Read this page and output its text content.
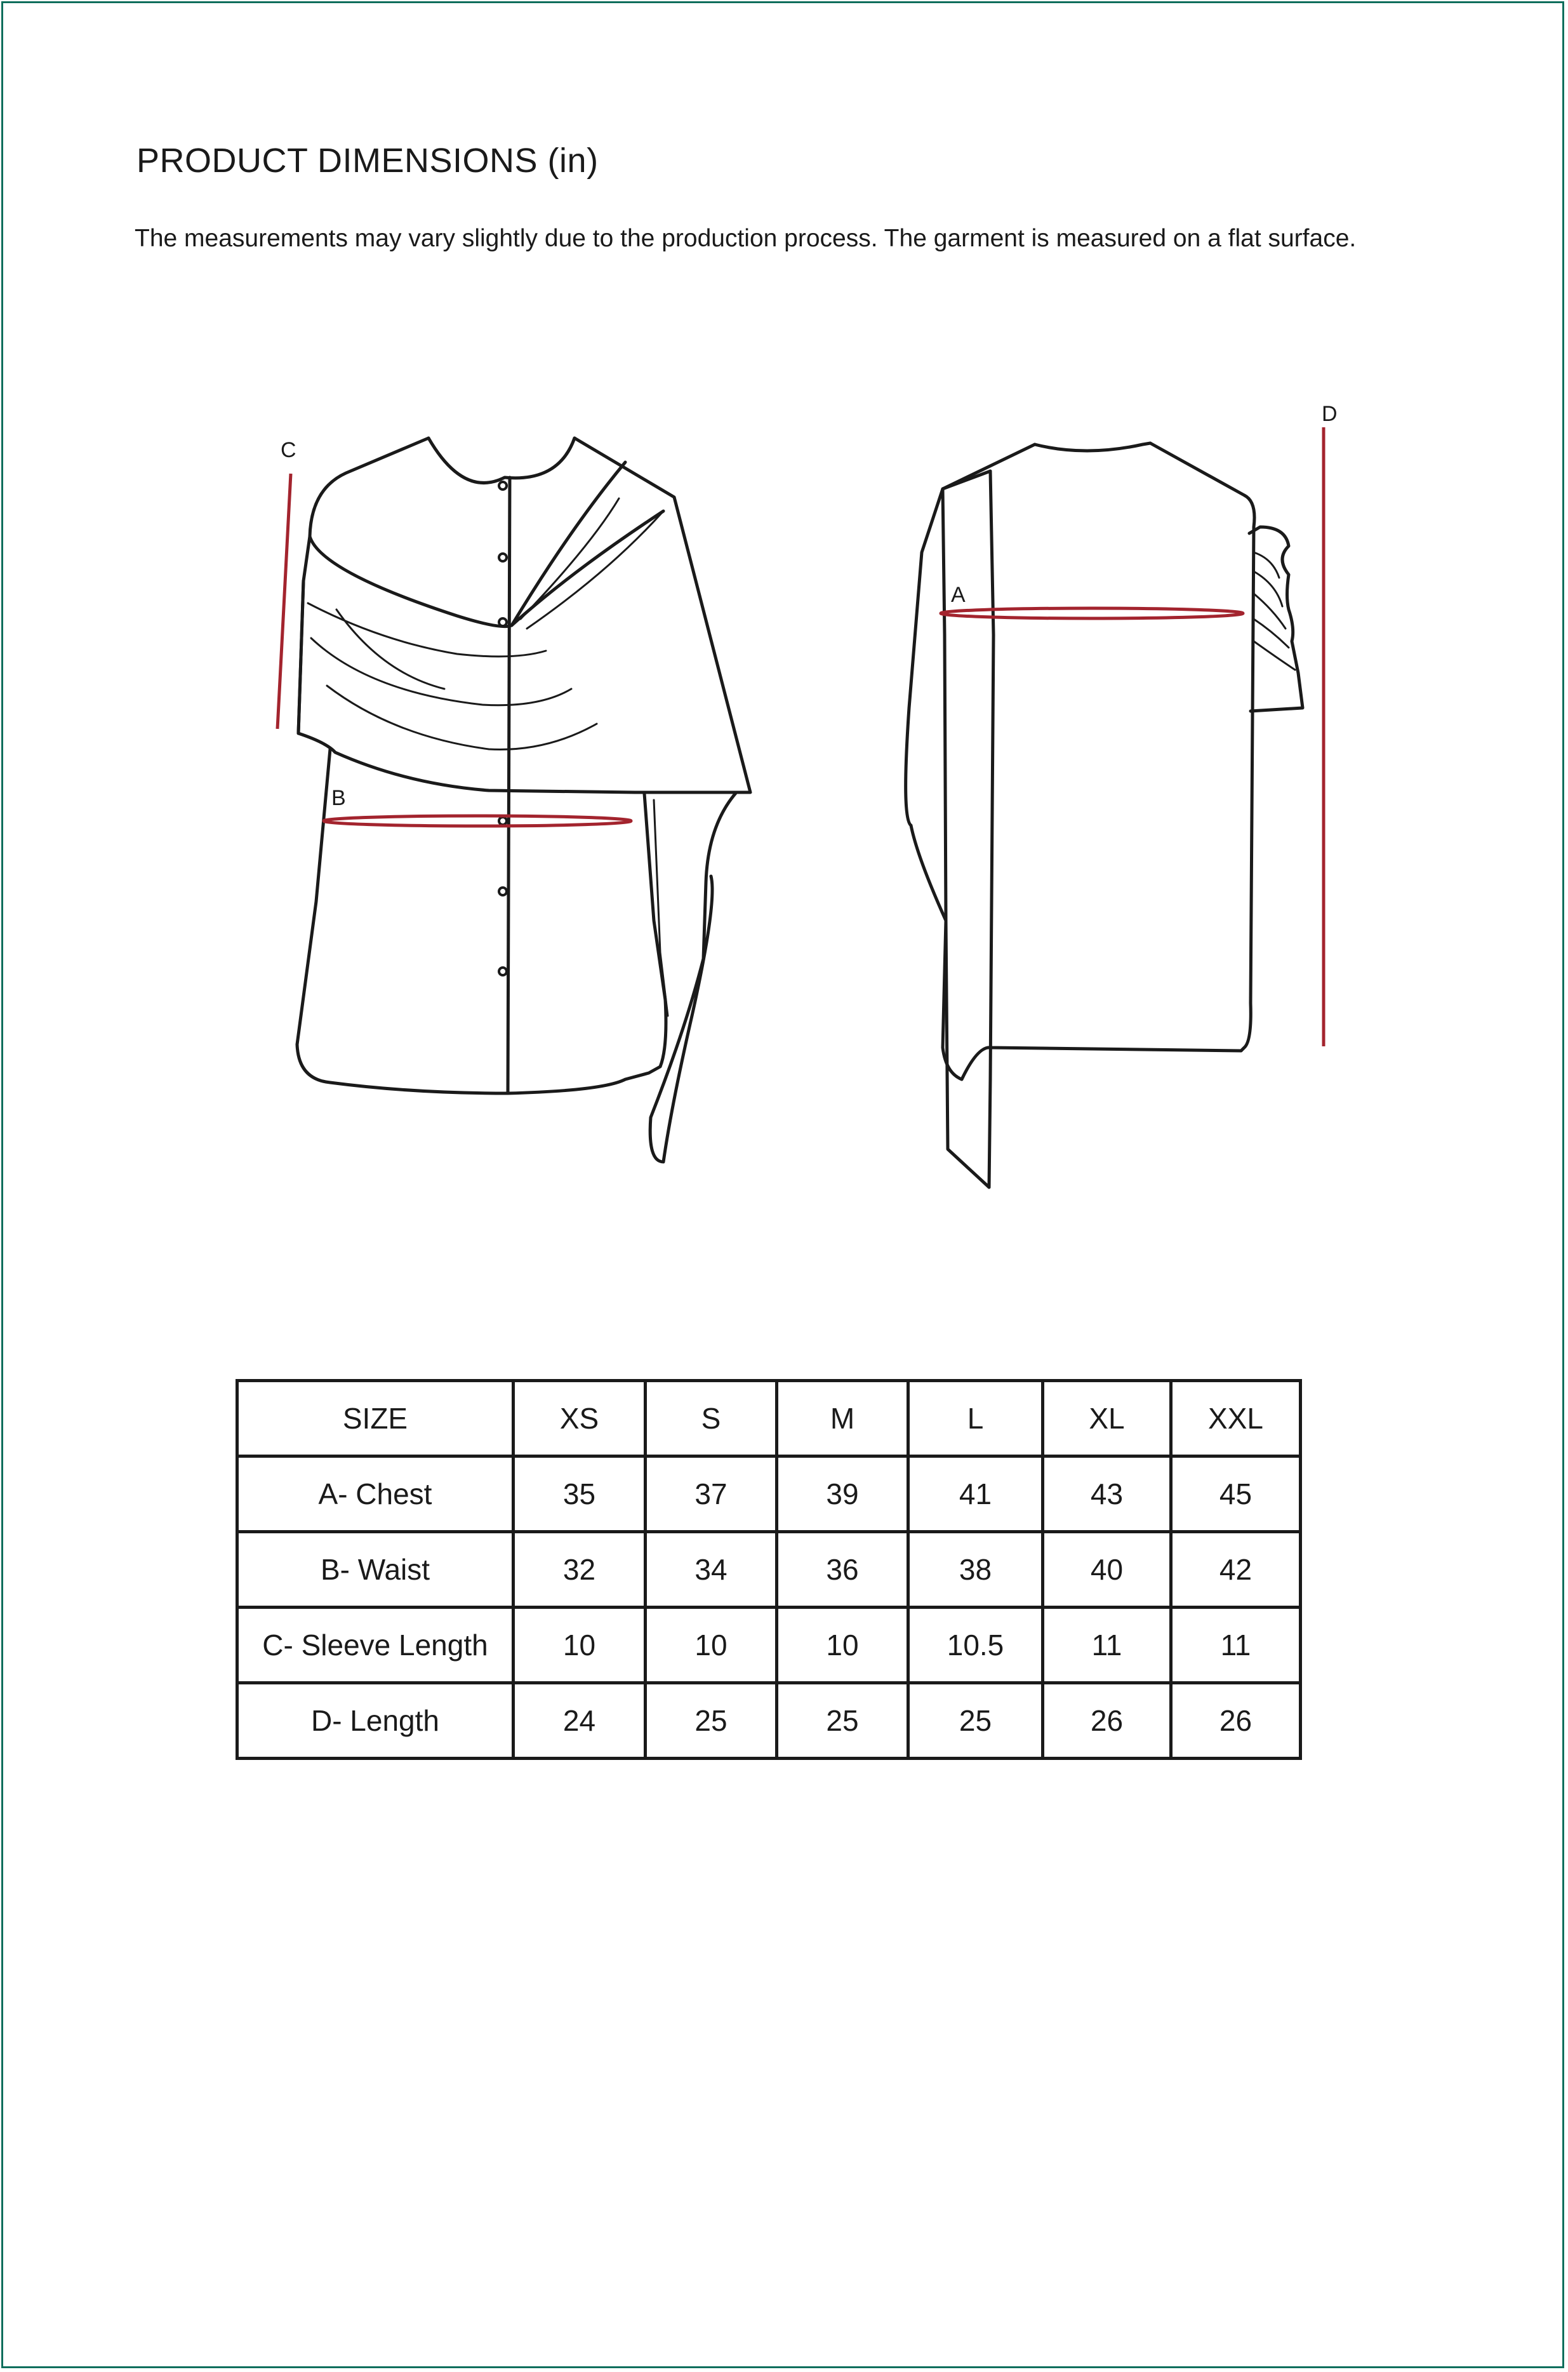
PRODUCT DIMENSIONS (in)

The measurements may vary slightly due to the production process. The garment is measured on a flat surface.

C
B
A
D
SIZE	XS	S	M	L	XL	XXL
A- Chest	35	37	39	41	43	45
B- Waist	32	34	36	38	40	42
C- Sleeve Length	10	10	10	10.5	11	11
D- Length	24	25	25	25	26	26
